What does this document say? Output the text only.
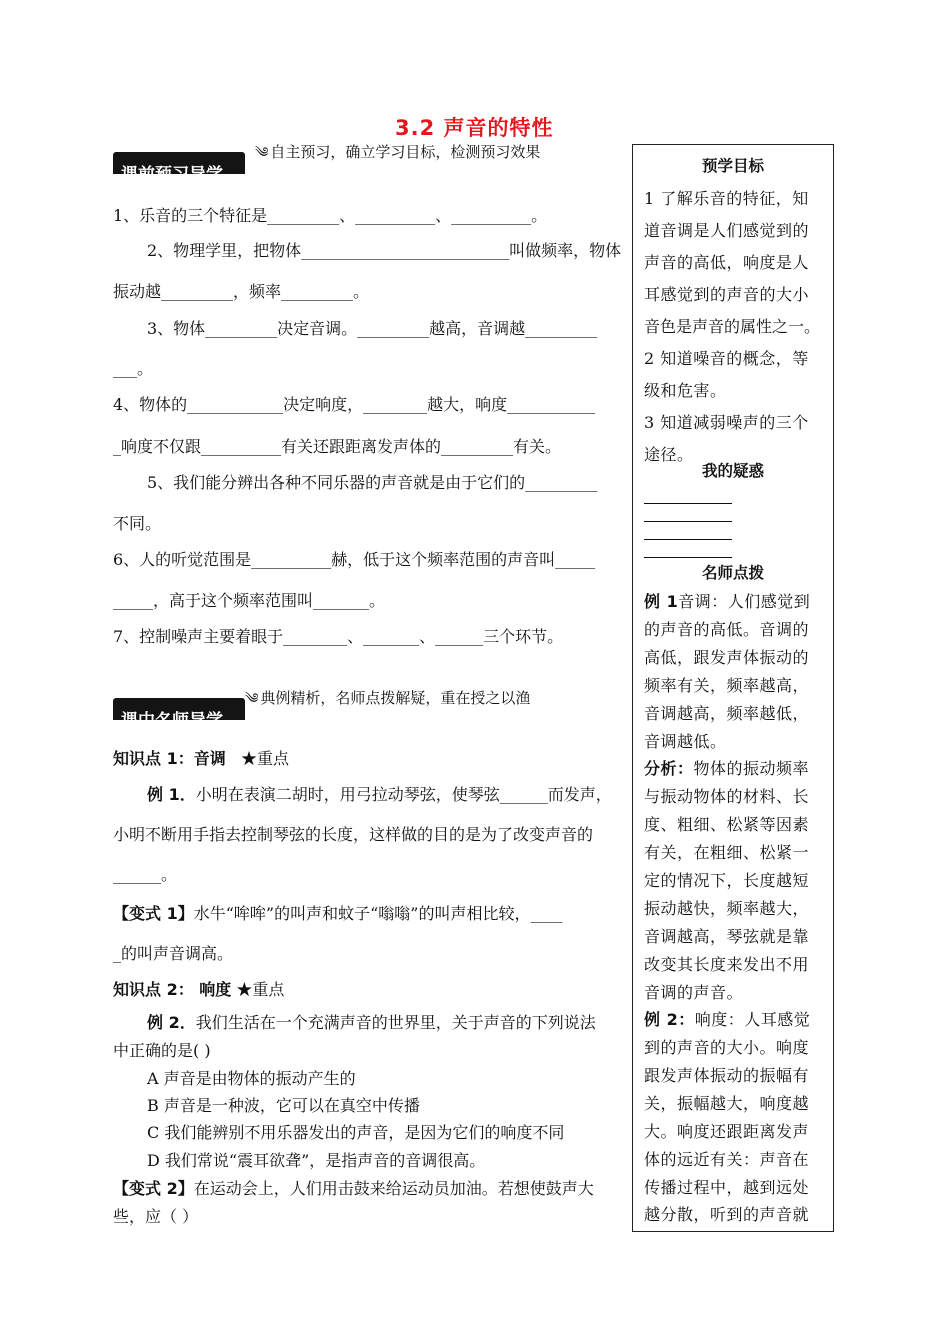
3.2 声音的特性
༄ 自主预习，确立学习目标，检测预习效果
课前预习导学
1、乐音的三个特征是_________、__________、__________。
2、物理学里，把物体__________________________叫做频率，物体
振动越_________，频率_________。
3、物体_________决定音调。_________越高，音调越_________
___。
4、物体的____________决定响度，________越大，响度___________
_响度不仅跟__________有关还跟距离发声体的_________有关。
5、我们能分辨出各种不同乐器的声音就是由于它们的_________
不同。
6、人的听觉范围是__________赫，低于这个频率范围的声音叫_____
_____，高于这个频率范围叫_______。
7、控制噪声主要着眼于________、_______、______三个环节。
༄ 典例精析，名师点拨解疑，重在授之以渔
课中名师导学
知识点 1：音调 ★重点
例 1．小明在表演二胡时，用弓拉动琴弦，使琴弦______而发声，
小明不断用手指去控制琴弦的长度，这样做的目的是为了改变声音的
______。
【变式 1】水牛“哞哞”的叫声和蚊子“嗡嗡”的叫声相比较，____
_的叫声音调高。
知识点 2： 响度 ★重点
例 2．我们生活在一个充满声音的世界里，关于声音的下列说法
中正确的是( )
A 声音是由物体的振动产生的
B 声音是一种波，它可以在真空中传播
C 我们能辨别不用乐器发出的声音，是因为它们的响度不同
D 我们常说“震耳欲聋”，是指声音的音调很高。
【变式 2】在运动会上，人们用击鼓来给运动员加油。若想使鼓声大
些，应（ ）
预学目标
1 了解乐音的特征，知
道音调是人们感觉到的
声音的高低，响度是人
耳感觉到的声音的大小
音色是声音的属性之一。
2 知道噪音的概念，等
级和危害。
3 知道减弱噪声的三个
途径。
我的疑惑
名师点拨
例 1音调：人们感觉到
的声音的高低。音调的
高低，跟发声体振动的
频率有关，频率越高，
音调越高，频率越低，
音调越低。
分析：物体的振动频率
与振动物体的材料、长
度、粗细、松紧等因素
有关，在粗细、松紧一
定的情况下，长度越短
振动越快，频率越大，
音调越高，琴弦就是靠
改变其长度来发出不用
音调的声音。
例 2：响度：人耳感觉
到的声音的大小。响度
跟发声体振动的振幅有
关，振幅越大，响度越
大。响度还跟距离发声
体的远近有关：声音在
传播过程中，越到远处
越分散，听到的声音就
